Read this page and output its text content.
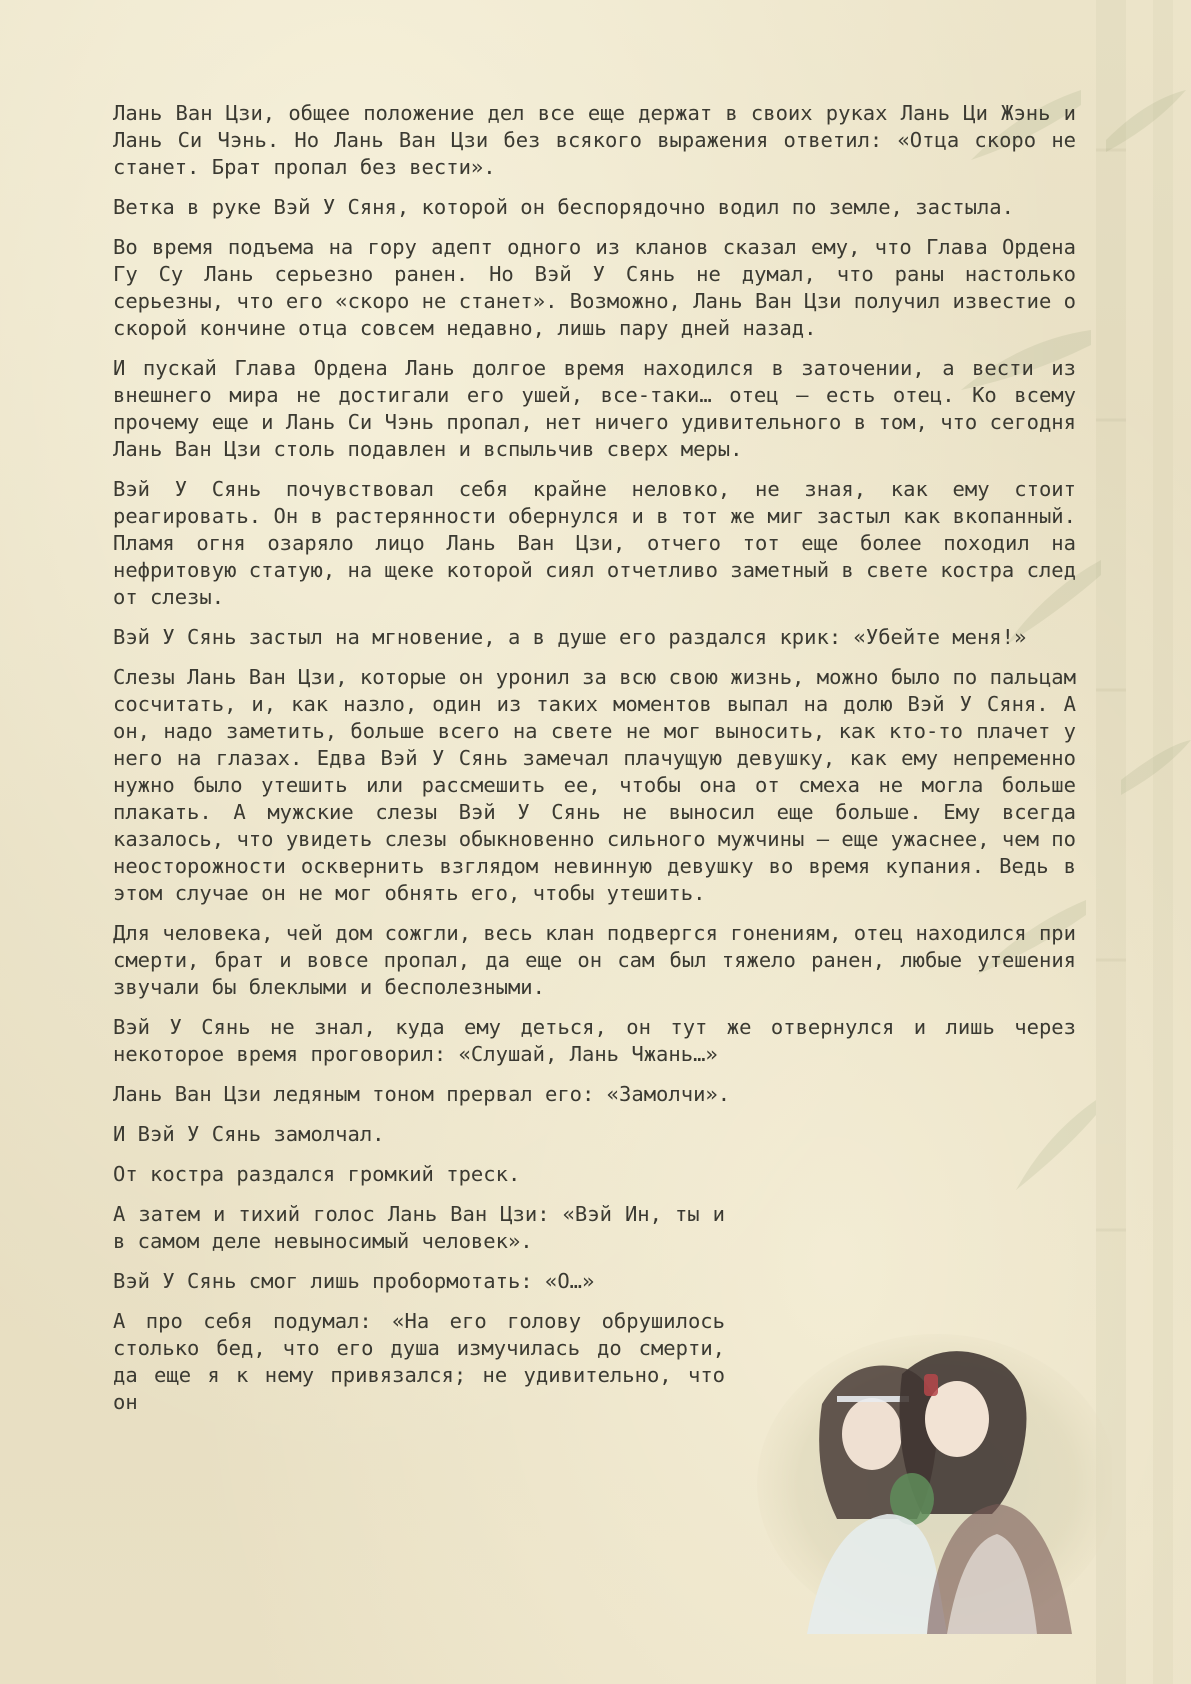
Лань Ван Цзи, общее положение дел все еще держат в своих руках Лань Ци Жэнь и Лань Си Чэнь. Но Лань Ван Цзи без всякого выражения ответил: «Отца скоро не станет. Брат пропал без вести».

Ветка в руке Вэй У Сяня, которой он беспорядочно водил по земле, застыла.

Во время подъема на гору адепт одного из кланов сказал ему, что Глава Ордена Гу Су Лань серьезно ранен. Но Вэй У Сянь не думал, что раны настолько серьезны, что его «скоро не станет». Возможно, Лань Ван Цзи получил известие о скорой кончине отца совсем недавно, лишь пару дней назад.

И пускай Глава Ордена Лань долгое время находился в заточении, а вести из внешнего мира не достигали его ушей, все-таки… отец — есть отец. Ко всему прочему еще и Лань Си Чэнь пропал, нет ничего удивительного в том, что сегодня Лань Ван Цзи столь подавлен и вспыльчив сверх меры.

Вэй У Сянь почувствовал себя крайне неловко, не зная, как ему стоит реагировать. Он в растерянности обернулся и в тот же миг застыл как вкопанный. Пламя огня озаряло лицо Лань Ван Цзи, отчего тот еще более походил на нефритовую статую, на щеке которой сиял отчетливо заметный в свете костра след от слезы.

Вэй У Сянь застыл на мгновение, а в душе его раздался крик: «Убейте меня!»

Слезы Лань Ван Цзи, которые он уронил за всю свою жизнь, можно было по пальцам сосчитать, и, как назло, один из таких моментов выпал на долю Вэй У Сяня. А он, надо заметить, больше всего на свете не мог выносить, как кто-то плачет у него на глазах. Едва Вэй У Сянь замечал плачущую девушку, как ему непременно нужно было утешить или рассмешить ее, чтобы она от смеха не могла больше плакать. А мужские слезы Вэй У Сянь не выносил еще больше. Ему всегда казалось, что увидеть слезы обыкновенно сильного мужчины — еще ужаснее, чем по неосторожности осквернить взглядом невинную девушку во время купания. Ведь в этом случае он не мог обнять его, чтобы утешить.

Для человека, чей дом сожгли, весь клан подвергся гонениям, отец находился при смерти, брат и вовсе пропал, да еще он сам был тяжело ранен, любые утешения звучали бы блеклыми и бесполезными.

Вэй У Сянь не знал, куда ему деться, он тут же отвернулся и лишь через некоторое время проговорил: «Слушай, Лань Чжань…»

Лань Ван Цзи ледяным тоном прервал его: «Замолчи».

И Вэй У Сянь замолчал.

От костра раздался громкий треск.

А затем и тихий голос Лань Ван Цзи: «Вэй Ин, ты и в самом деле невыносимый человек».

Вэй У Сянь смог лишь пробормотать: «О…»

А про себя подумал: «На его голову обрушилось столько бед, что его душа измучилась до смерти, да еще я к нему привязался; не удивительно, что он
